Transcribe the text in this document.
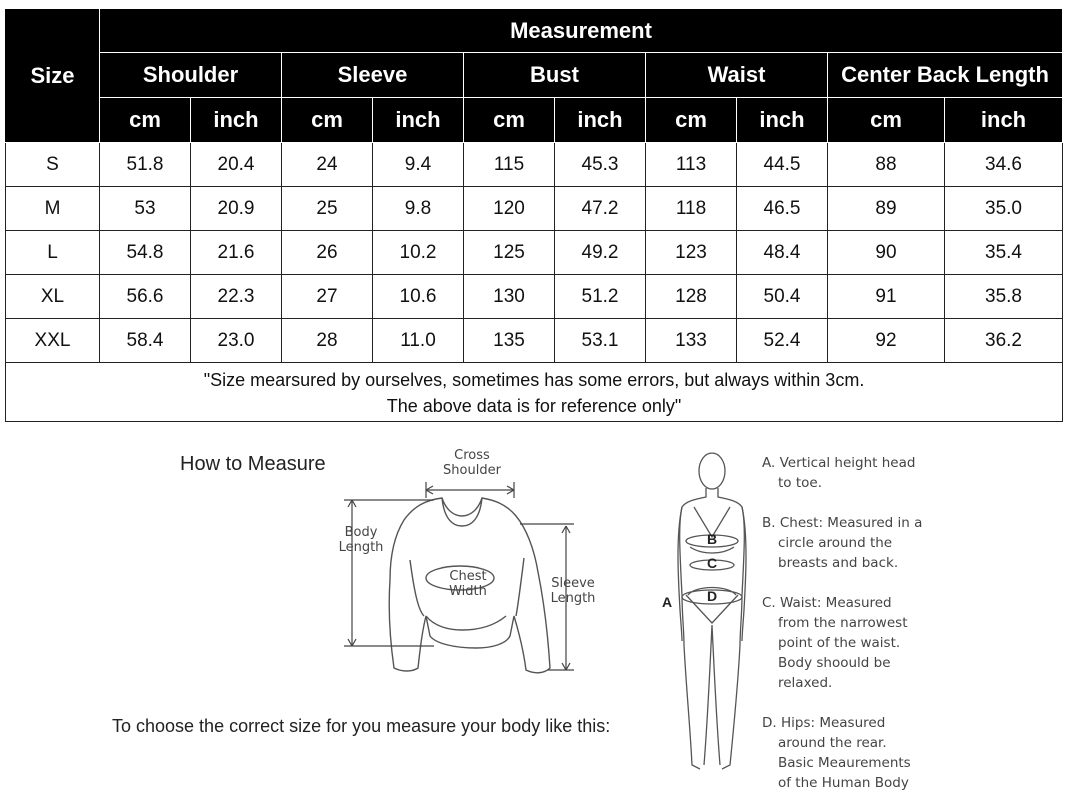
Size	Measurement									
	Shoulder		Sleeve		Bust		Waist		Center Back Length	
	cm	inch	cm	inch	cm	inch	cm	inch	cm	inch
S	51.8	20.4	24	9.4	115	45.3	113	44.5	88	34.6
M	53	20.9	25	9.8	120	47.2	118	46.5	89	35.0
L	54.8	21.6	26	10.2	125	49.2	123	48.4	90	35.4
XL	56.6	22.3	27	10.6	130	51.2	128	50.4	91	35.8
XXL	58.4	23.0	28	11.0	135	53.1	133	52.4	92	36.2

"Size mearsured by ourselves, sometimes has some errors, but always within 3cm.
The above data is for reference only"										
How to Measure	Cross
Shoulder
Body
Length
Chest
Width
Sleeve
Length
To choose the correct size for you measure your body like this:
A
B
C
D
A. Vertical height head
to toe.
B. Chest: Measured in a
circle around the
breasts and back.
C. Waist: Measured
from the narrowest
point of the waist.
Body shoould be
relaxed.
D. Hips: Measured
around the rear.
Basic Meaurements
of the Human Body
